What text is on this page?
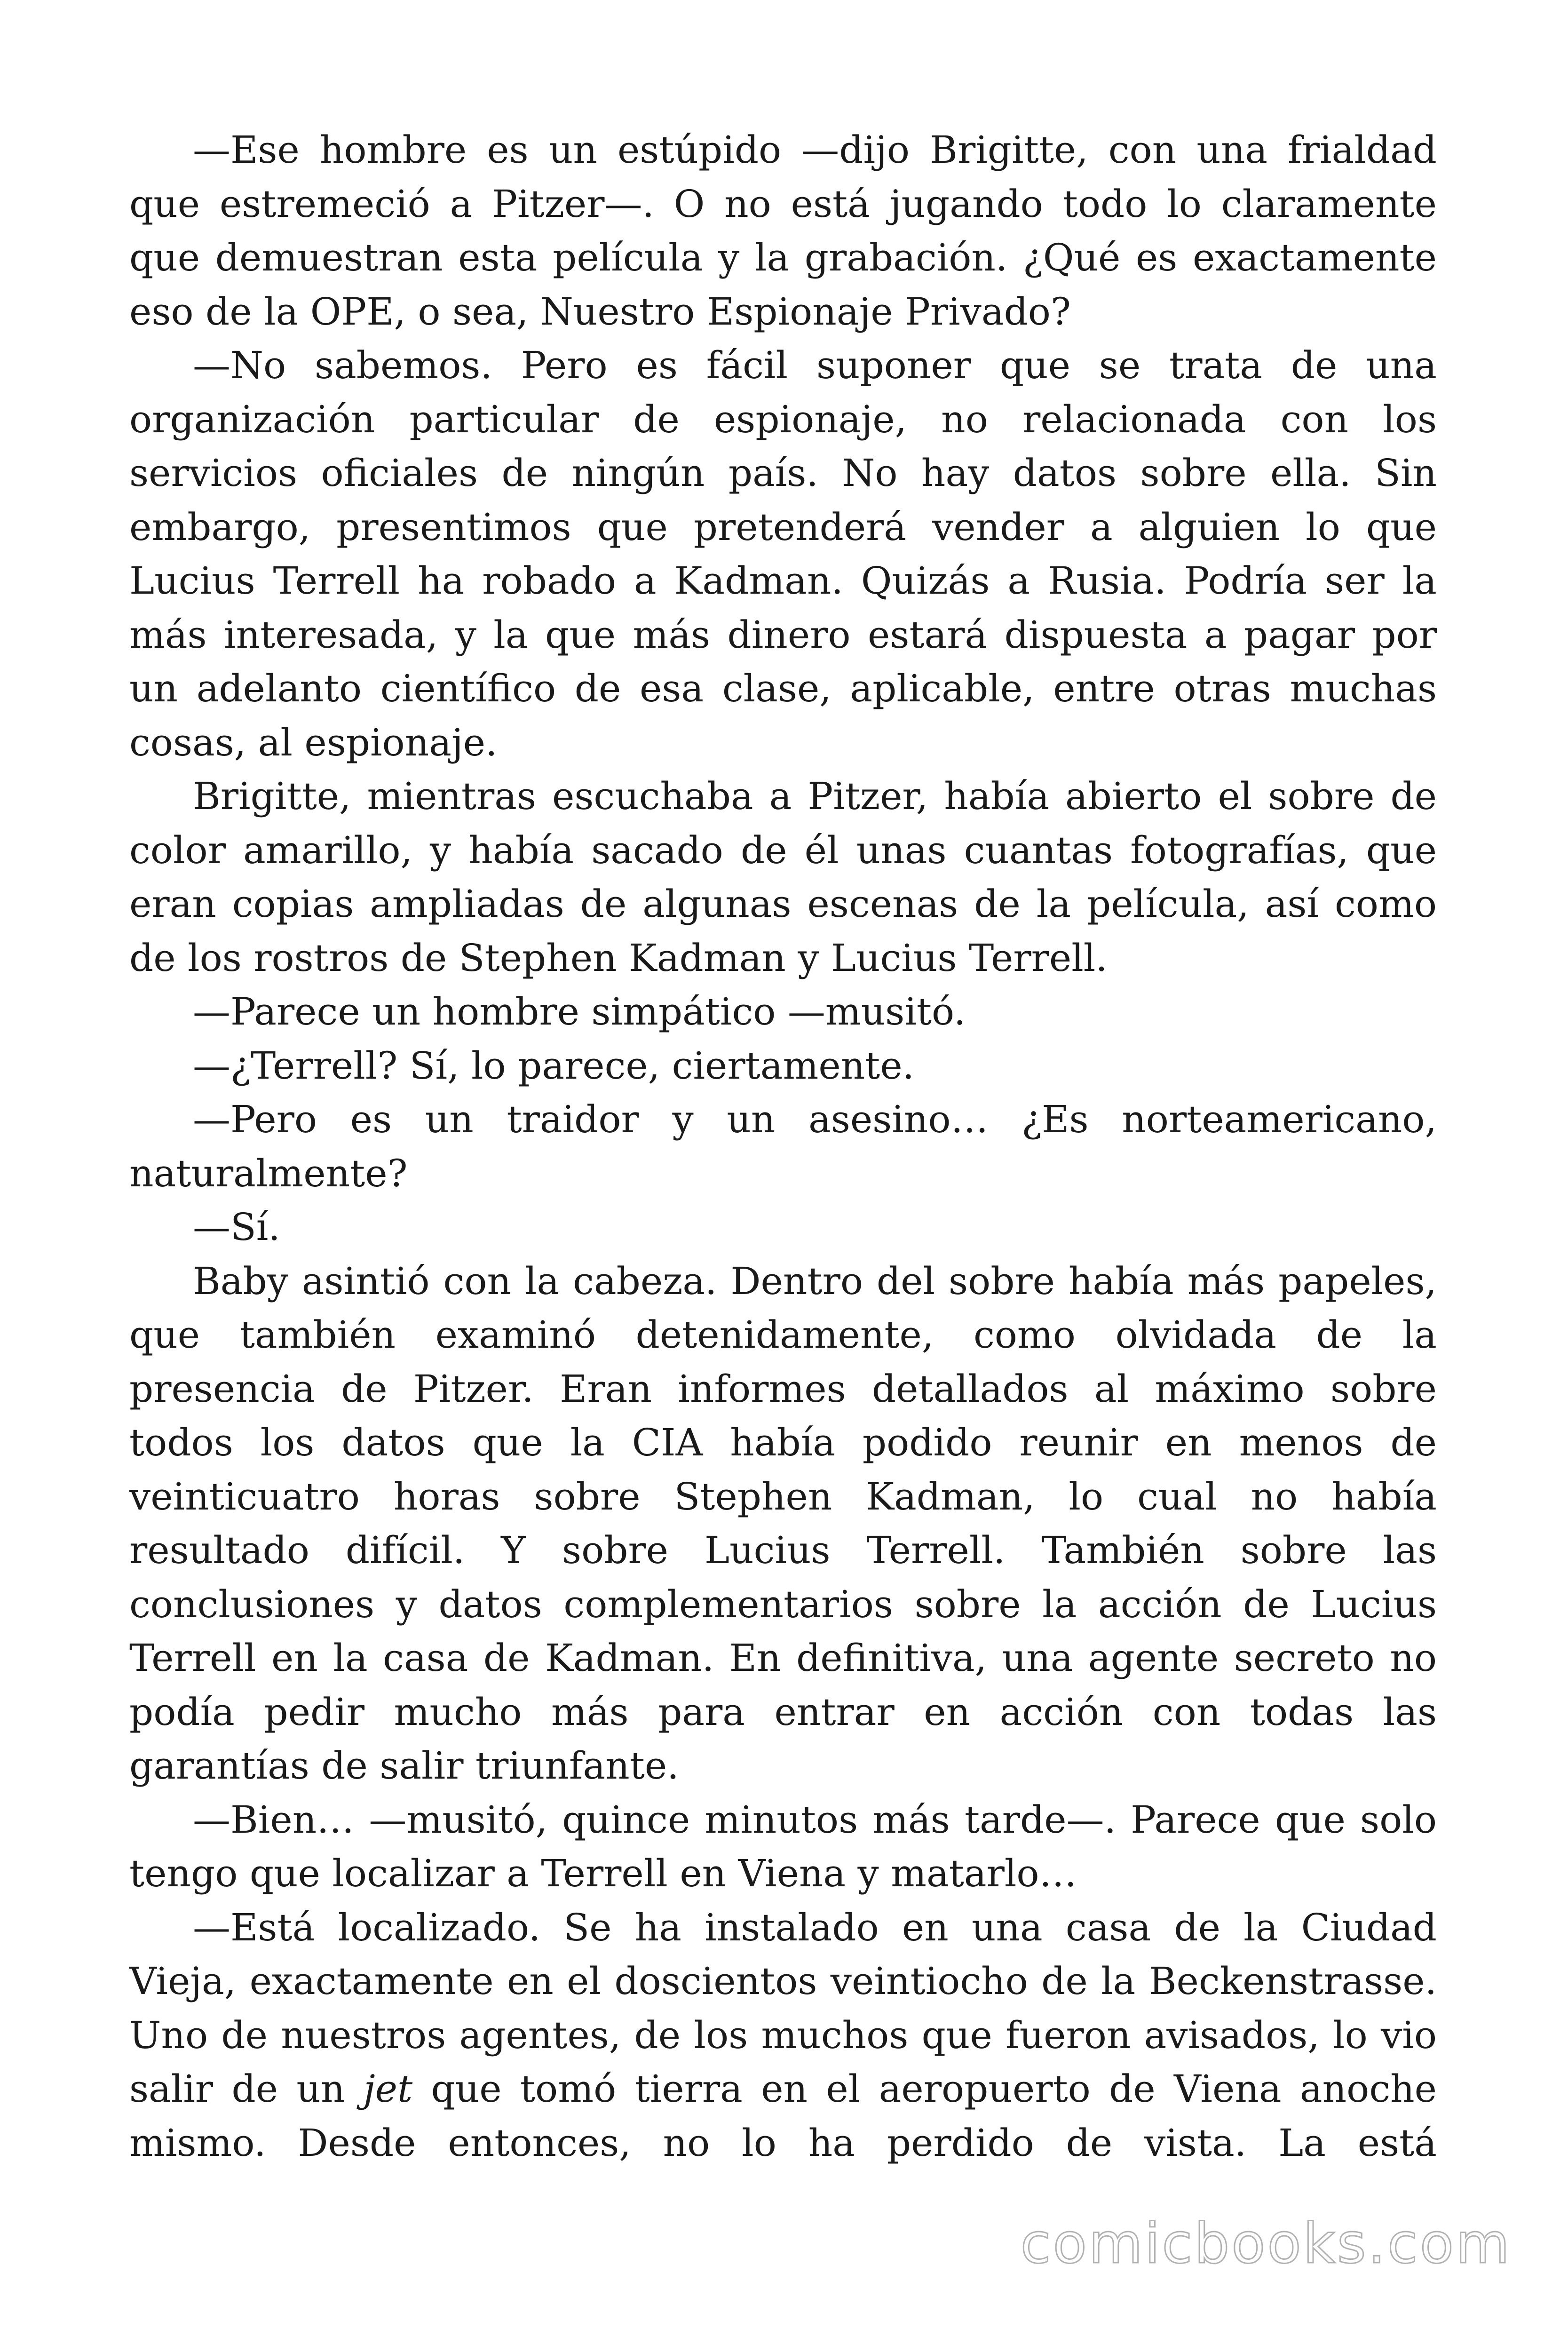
—Ese hombre es un estúpido —dijo Brigitte, con una frialdad que estremeció a Pitzer—. O no está jugando todo lo claramente que demuestran esta película y la grabación. ¿Qué es exactamente eso de la OPE, o sea, Nuestro Espionaje Privado?

—No sabemos. Pero es fácil suponer que se trata de una organización particular de espionaje, no relacionada con los servicios oficiales de ningún país. No hay datos sobre ella. Sin embargo, presentimos que pretenderá vender a alguien lo que Lucius Terrell ha robado a Kadman. Quizás a Rusia. Podría ser la más interesada, y la que más dinero estará dispuesta a pagar por un adelanto científico de esa clase, aplicable, entre otras muchas cosas, al espionaje.

Brigitte, mientras escuchaba a Pitzer, había abierto el sobre de color amarillo, y había sacado de él unas cuantas fotografías, que eran copias ampliadas de algunas escenas de la película, así como de los rostros de Stephen Kadman y Lucius Terrell.

—Parece un hombre simpático —musitó.

—¿Terrell? Sí, lo parece, ciertamente.

—Pero es un traidor y un asesino… ¿Es norteamericano, naturalmente?

—Sí.

Baby asintió con la cabeza. Dentro del sobre había más papeles, que también examinó detenidamente, como olvidada de la presencia de Pitzer. Eran informes detallados al máximo sobre todos los datos que la CIA había podido reunir en menos de veinticuatro horas sobre Stephen Kadman, lo cual no había resultado difícil. Y sobre Lucius Terrell. También sobre las conclusiones y datos complementarios sobre la acción de Lucius Terrell en la casa de Kadman. En definitiva, una agente secreto no podía pedir mucho más para entrar en acción con todas las garantías de salir triunfante.

—Bien… —musitó, quince minutos más tarde—. Parece que solo tengo que localizar a Terrell en Viena y matarlo…

—Está localizado. Se ha instalado en una casa de la Ciudad Vieja, exactamente en el doscientos veintiocho de la Beckenstrasse. Uno de nuestros agentes, de los muchos que fueron avisados, lo vio salir de un jet que tomó tierra en el aeropuerto de Viena anoche mismo. Desde entonces, no lo ha perdido de vista. La está

comicbooks.com
